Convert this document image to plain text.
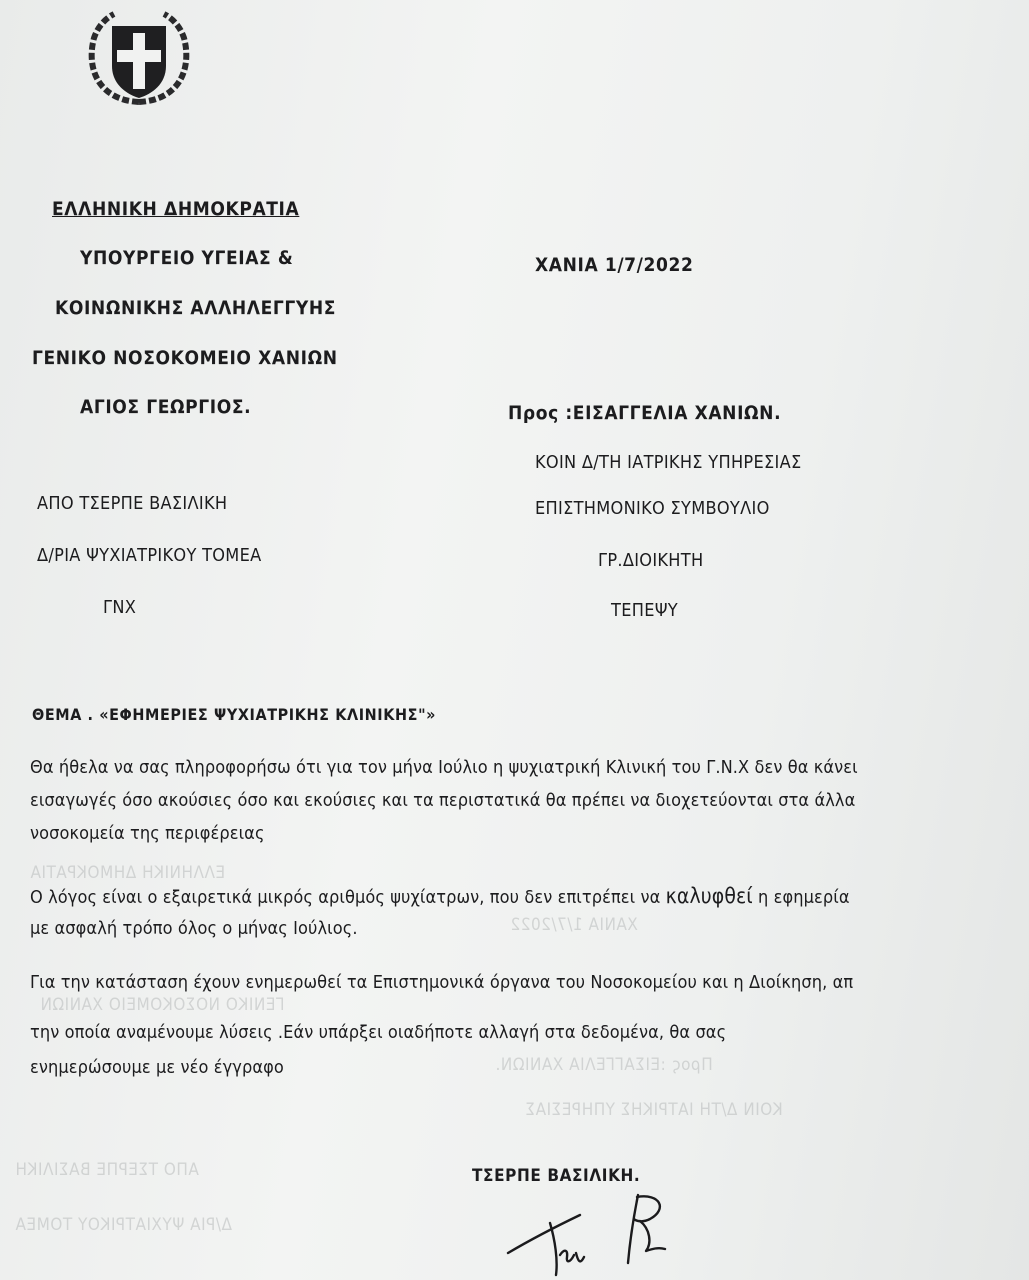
ΧΑΝΙΑ 1/7/2022
Προς :ΕΙΣΑΓΓΕΛΙΑ ΧΑΝΙΩΝ.
ΚΟΙΝ Δ/ΤΗ ΙΑΤΡΙΚΗΣ ΥΠΗΡΕΣΙΑΣ
ΑΠΟ ΤΣΕΡΠΕ ΒΑΣΙΛΙΚΗ
Δ/ΡΙΑ ΨΥΧΙΑΤΡΙΚΟΥ ΤΟΜΕΑ
ΕΛΛΗΝΙΚΗ ΔΗΜΟΚΡΑΤΙΑ
ΓΕΝΙΚΟ ΝΟΣΟΚΟΜΕΙΟ ΧΑΝΙΩΝ
ΕΛΛΗΝΙΚΗ ΔΗΜΟΚΡΑΤΙΑ
ΥΠΟΥΡΓΕΙΟ ΥΓΕΙΑΣ &
ΚΟΙΝΩΝΙΚΗΣ ΑΛΛΗΛΕΓΓΥΗΣ
ΓΕΝΙΚΟ ΝΟΣΟΚΟΜΕΙΟ ΧΑΝΙΩΝ
ΑΓΙΟΣ ΓΕΩΡΓΙΟΣ.
ΧΑΝΙΑ 1/7/2022
Προς :ΕΙΣΑΓΓΕΛΙΑ ΧΑΝΙΩΝ.
ΚΟΙΝ Δ/ΤΗ ΙΑΤΡΙΚΗΣ ΥΠΗΡΕΣΙΑΣ
ΕΠΙΣΤΗΜΟΝΙΚΟ ΣΥΜΒΟΥΛΙΟ
ΓΡ.ΔΙΟΙΚΗΤΗ
ΤΕΠΕΨΥ
ΑΠΟ ΤΣΕΡΠΕ ΒΑΣΙΛΙΚΗ
Δ/ΡΙΑ ΨΥΧΙΑΤΡΙΚΟΥ ΤΟΜΕΑ
ΓΝΧ
ΘΕΜΑ . «ΕΦΗΜΕΡΙΕΣ ΨΥΧΙΑΤΡΙΚΗΣ ΚΛΙΝΙΚΗΣ"»
Θα ήθελα να σας πληροφορήσω ότι για τον μήνα Ιούλιο η ψυχιατρική Κλινική του Γ.Ν.Χ δεν θα κάνει
εισαγωγές όσο ακούσιες όσο και εκούσιες και τα περιστατικά θα πρέπει να διοχετεύονται στα άλλα
νοσοκομεία της περιφέρειας
Ο λόγος είναι ο εξαιρετικά μικρός αριθμός ψυχίατρων, που δεν επιτρέπει να καλυφθεί η εφημερία
με ασφαλή τρόπο όλος ο μήνας Ιούλιος.
Για την κατάσταση έχουν ενημερωθεί τα Επιστημονικά όργανα του Νοσοκομείου και η Διοίκηση, απ
την οποία αναμένουμε λύσεις .Εάν υπάρξει οιαδήποτε αλλαγή στα δεδομένα, θα σας
ενημερώσουμε με νέο έγγραφο
ΤΣΕΡΠΕ ΒΑΣΙΛΙΚΗ.
